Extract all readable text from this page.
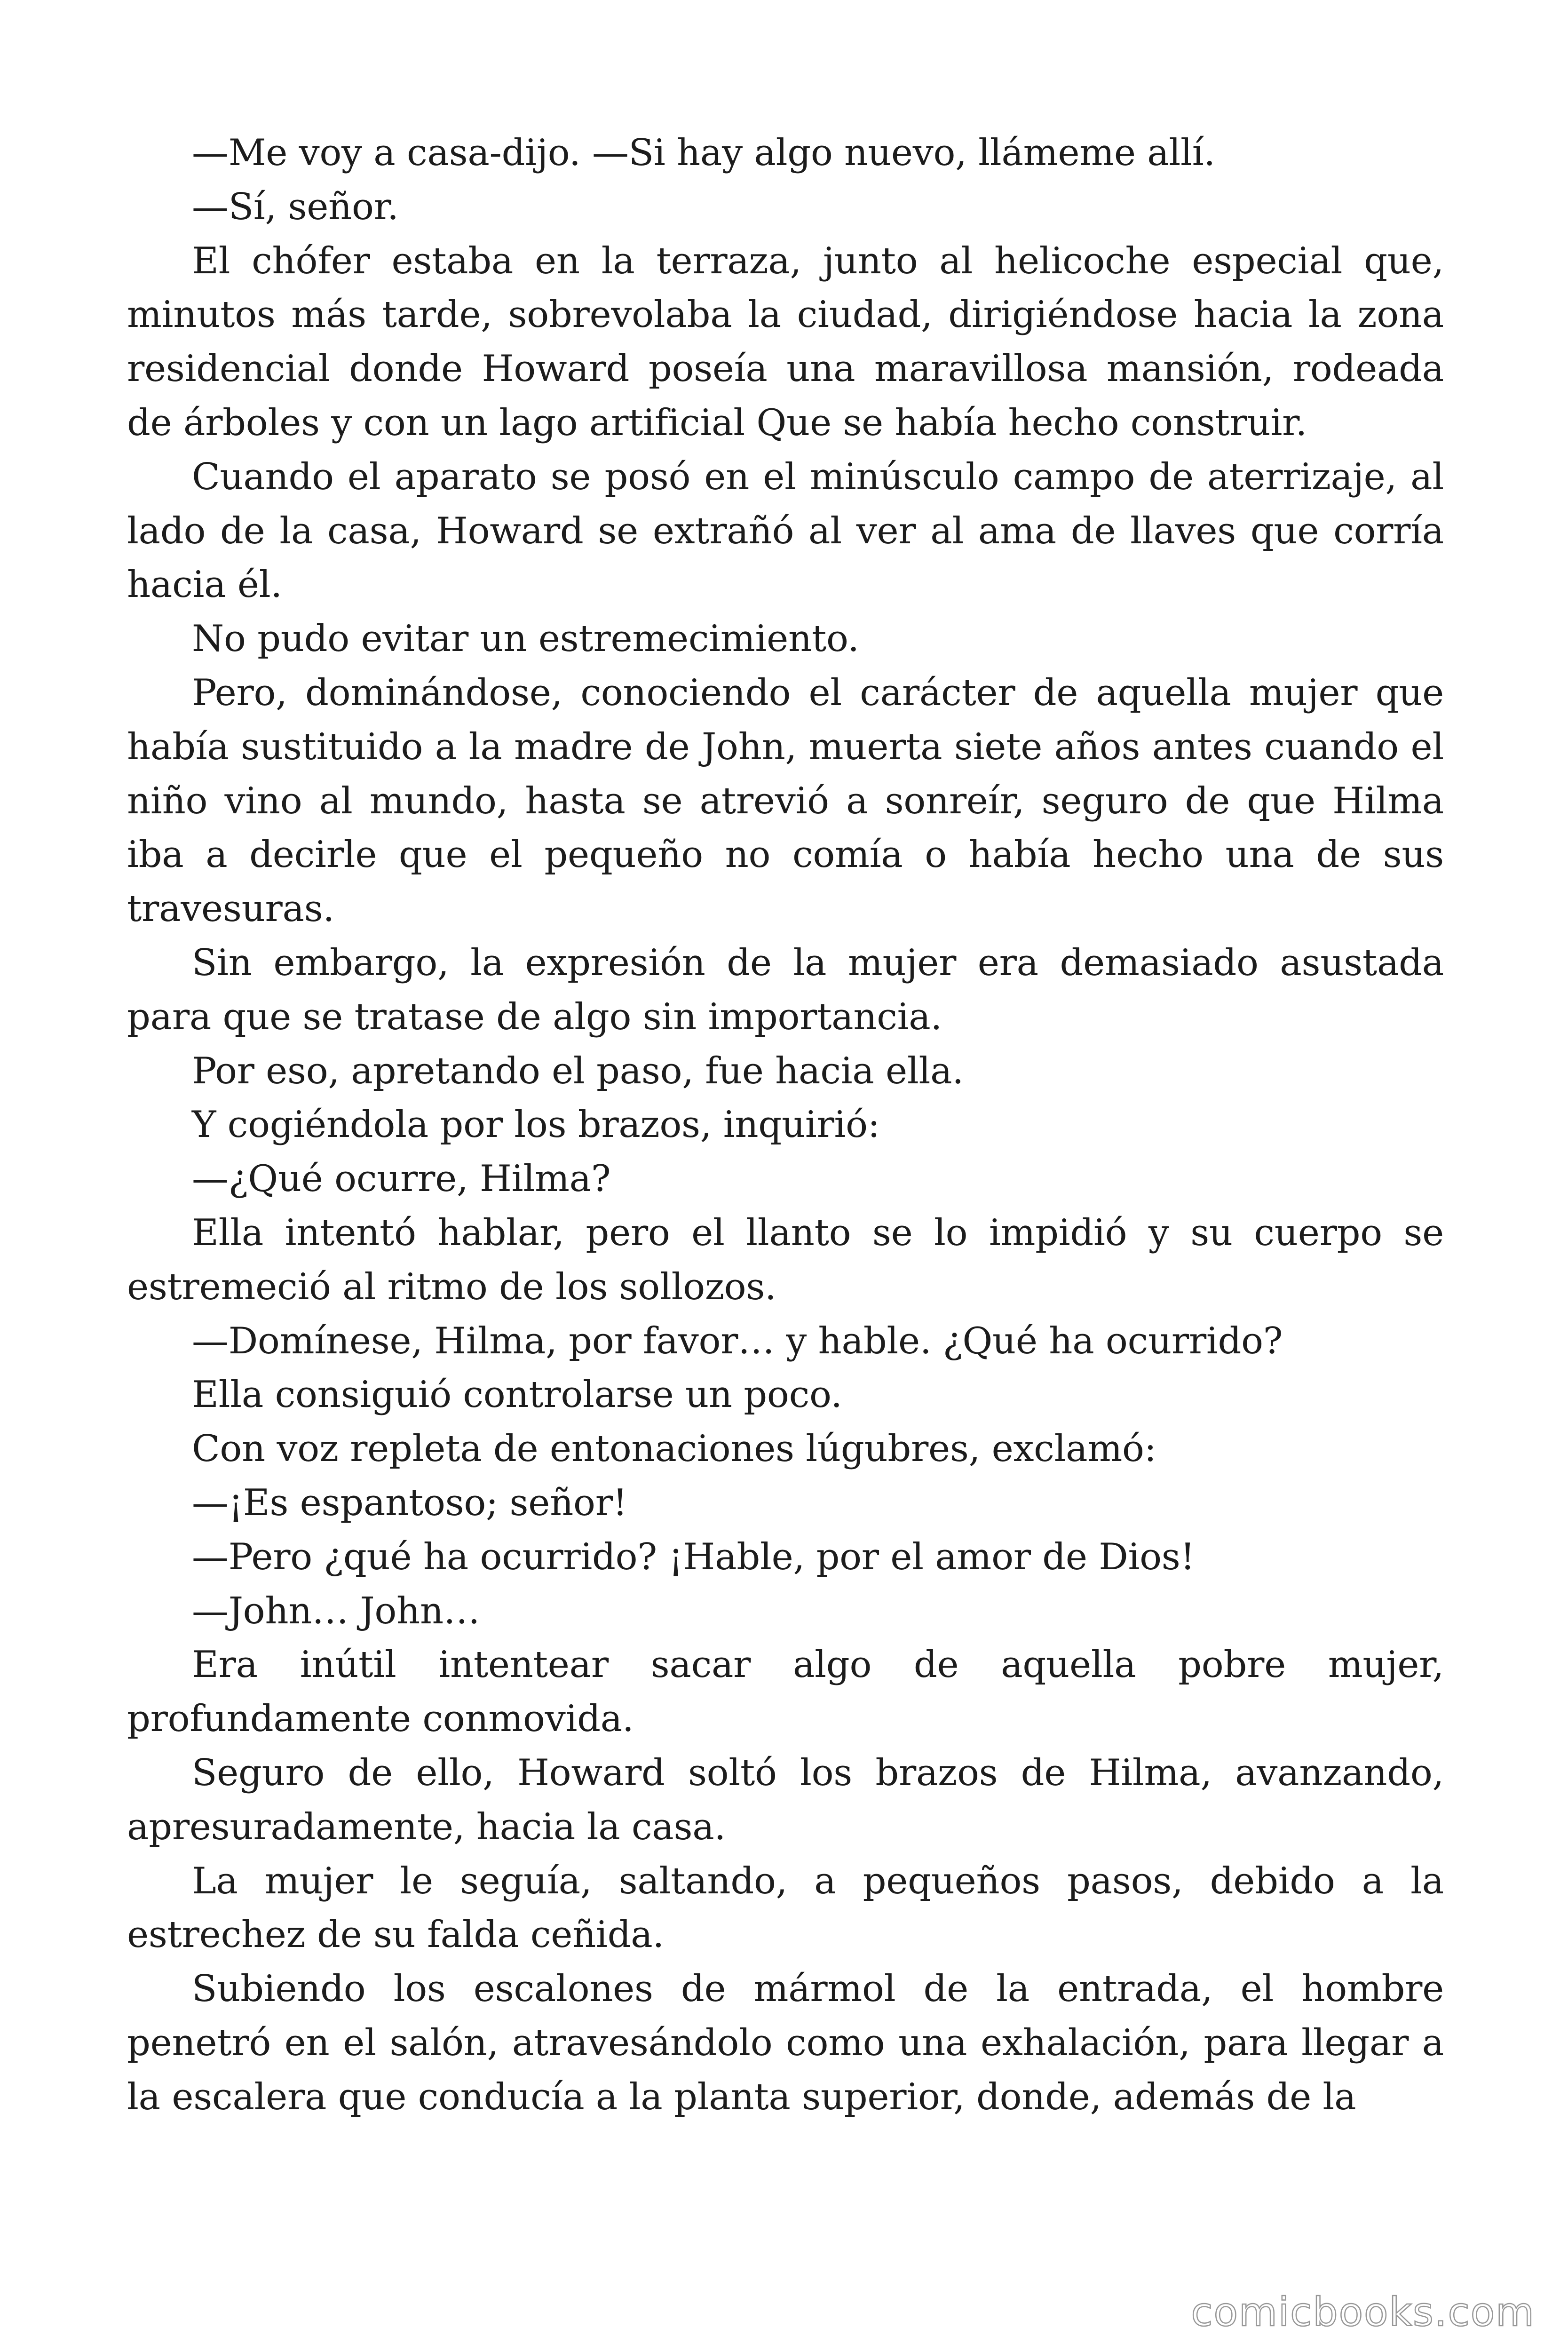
—Me voy a casa-dijo. —Si hay algo nuevo, llámeme allí.

—Sí, señor.

El chófer estaba en la terraza, junto al helicoche especial que, minutos más tarde, sobrevolaba la ciudad, dirigiéndose hacia la zona residencial donde Howard poseía una maravillosa mansión, rodeada de árboles y con un lago artificial Que se había hecho construir.

Cuando el aparato se posó en el minúsculo campo de aterrizaje, al lado de la casa, Howard se extrañó al ver al ama de llaves que corría hacia él.

No pudo evitar un estremecimiento.

Pero, dominándose, conociendo el carácter de aquella mujer que había sustituido a la madre de John, muerta siete años antes cuando el niño vino al mundo, hasta se atrevió a sonreír, seguro de que Hilma iba a decirle que el pequeño no comía o había hecho una de sus travesuras.

Sin embargo, la expresión de la mujer era demasiado asustada para que se tratase de algo sin importancia.

Por eso, apretando el paso, fue hacia ella.

Y cogiéndola por los brazos, inquirió:

—¿Qué ocurre, Hilma?

Ella intentó hablar, pero el llanto se lo impidió y su cuerpo se estremeció al ritmo de los sollozos.

—Domínese, Hilma, por favor… y hable. ¿Qué ha ocurrido?

Ella consiguió controlarse un poco.

Con voz repleta de entonaciones lúgubres, exclamó:

—¡Es espantoso; señor!

—Pero ¿qué ha ocurrido? ¡Hable, por el amor de Dios!

—John… John…

Era inútil intentear sacar algo de aquella pobre mujer, profundamente conmovida.

Seguro de ello, Howard soltó los brazos de Hilma, avanzando, apresuradamente, hacia la casa.

La mujer le seguía, saltando, a pequeños pasos, debido a la estrechez de su falda ceñida.

Subiendo los escalones de mármol de la entrada, el hombre penetró en el salón, atravesándolo como una exhalación, para llegar a la escalera que conducía a la planta superior, donde, además de la

comicbooks.com
